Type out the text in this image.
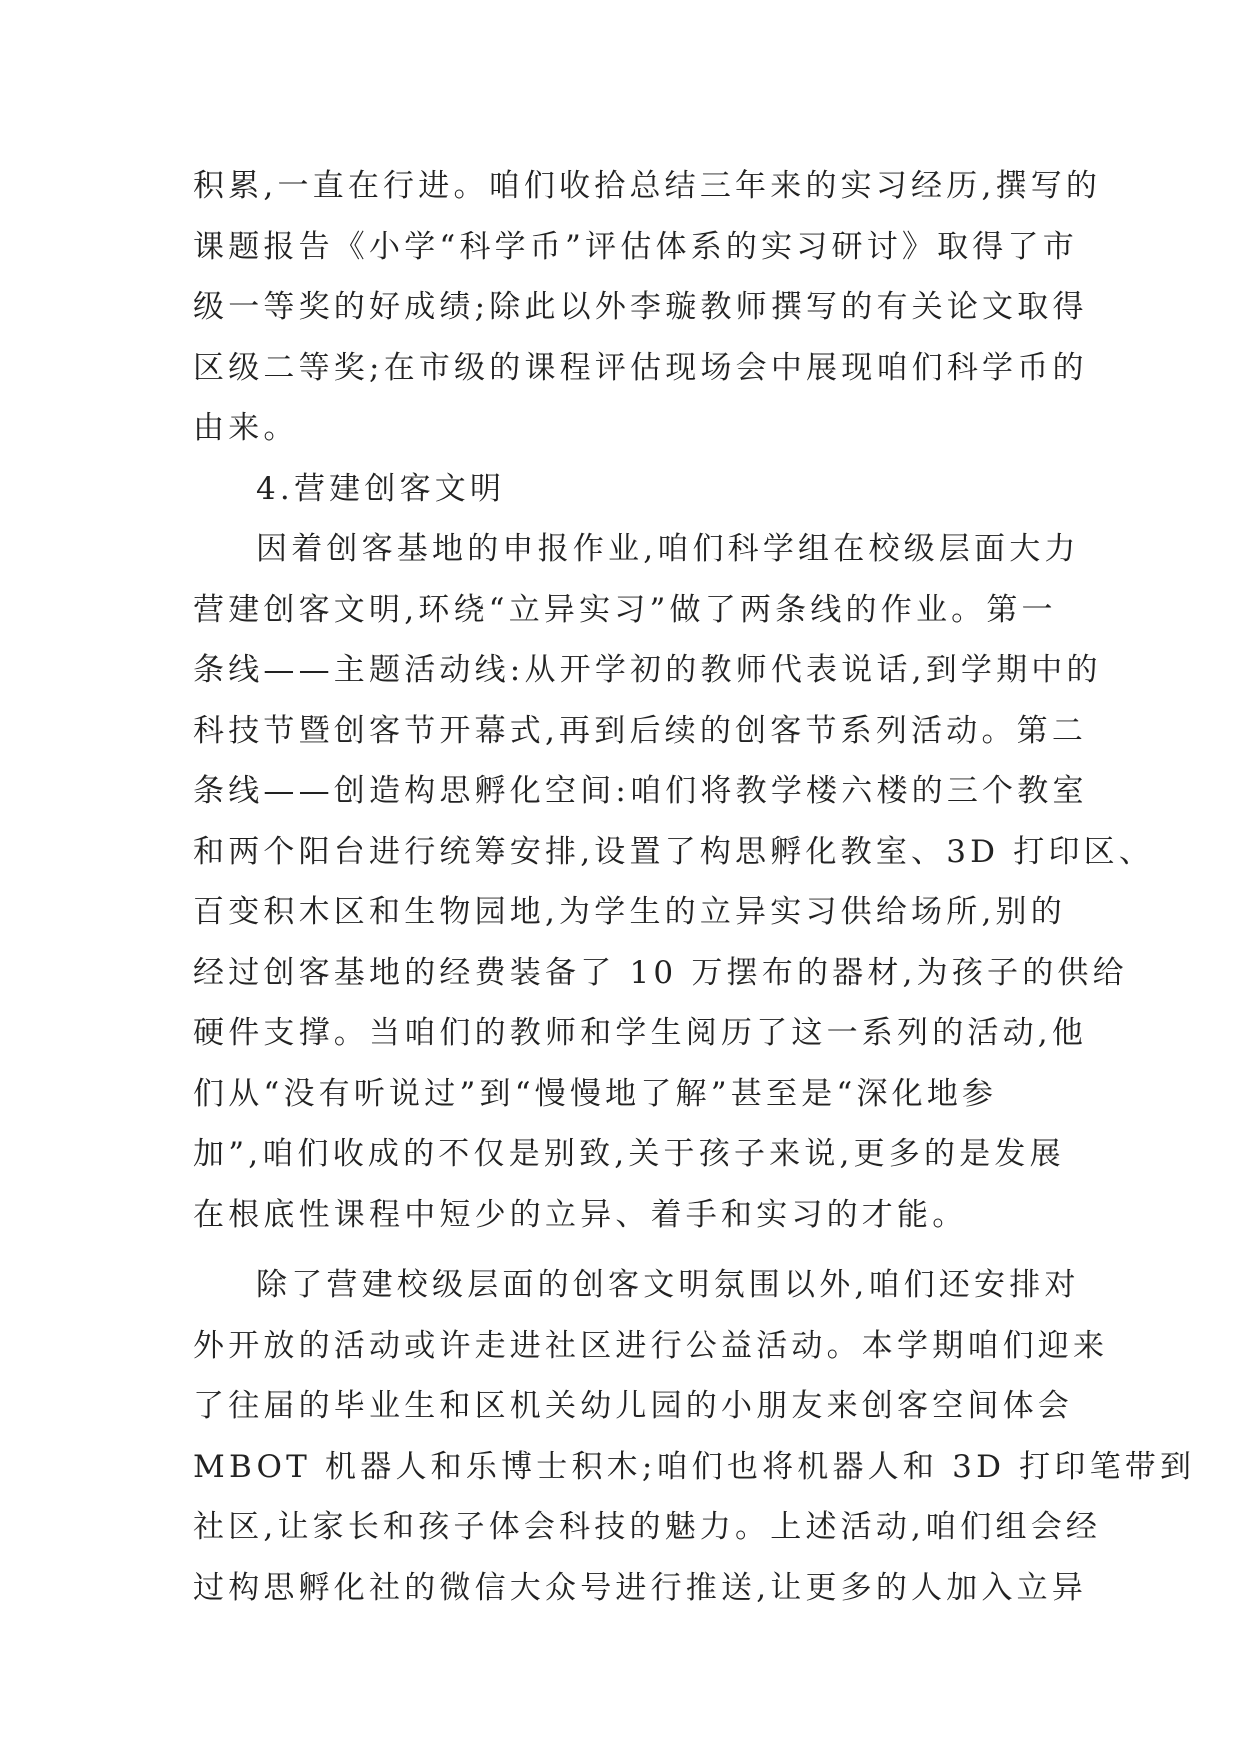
积累,一直在行进。咱们收拾总结三年来的实习经历,撰写的
课题报告《小学“科学币”评估体系的实习研讨》取得了市
级一等奖的好成绩;除此以外李璇教师撰写的有关论文取得
区级二等奖;在市级的课程评估现场会中展现咱们科学币的
由来。
4.营建创客文明
因着创客基地的申报作业,咱们科学组在校级层面大力
营建创客文明,环绕“立异实习”做了两条线的作业。第一
条线——主题活动线:从开学初的教师代表说话,到学期中的
科技节暨创客节开幕式,再到后续的创客节系列活动。第二
条线——创造构思孵化空间:咱们将教学楼六楼的三个教室
和两个阳台进行统筹安排,设置了构思孵化教室、3D 打印区、
百变积木区和生物园地,为学生的立异实习供给场所,别的
经过创客基地的经费装备了 10 万摆布的器材,为孩子的供给
硬件支撑。当咱们的教师和学生阅历了这一系列的活动,他
们从“没有听说过”到“慢慢地了解”甚至是“深化地参
加”,咱们收成的不仅是别致,关于孩子来说,更多的是发展
在根底性课程中短少的立异、着手和实习的才能。
除了营建校级层面的创客文明氛围以外,咱们还安排对
外开放的活动或许走进社区进行公益活动。本学期咱们迎来
了往届的毕业生和区机关幼儿园的小朋友来创客空间体会
MBOT 机器人和乐博士积木;咱们也将机器人和 3D 打印笔带到
社区,让家长和孩子体会科技的魅力。上述活动,咱们组会经
过构思孵化社的微信大众号进行推送,让更多的人加入立异
